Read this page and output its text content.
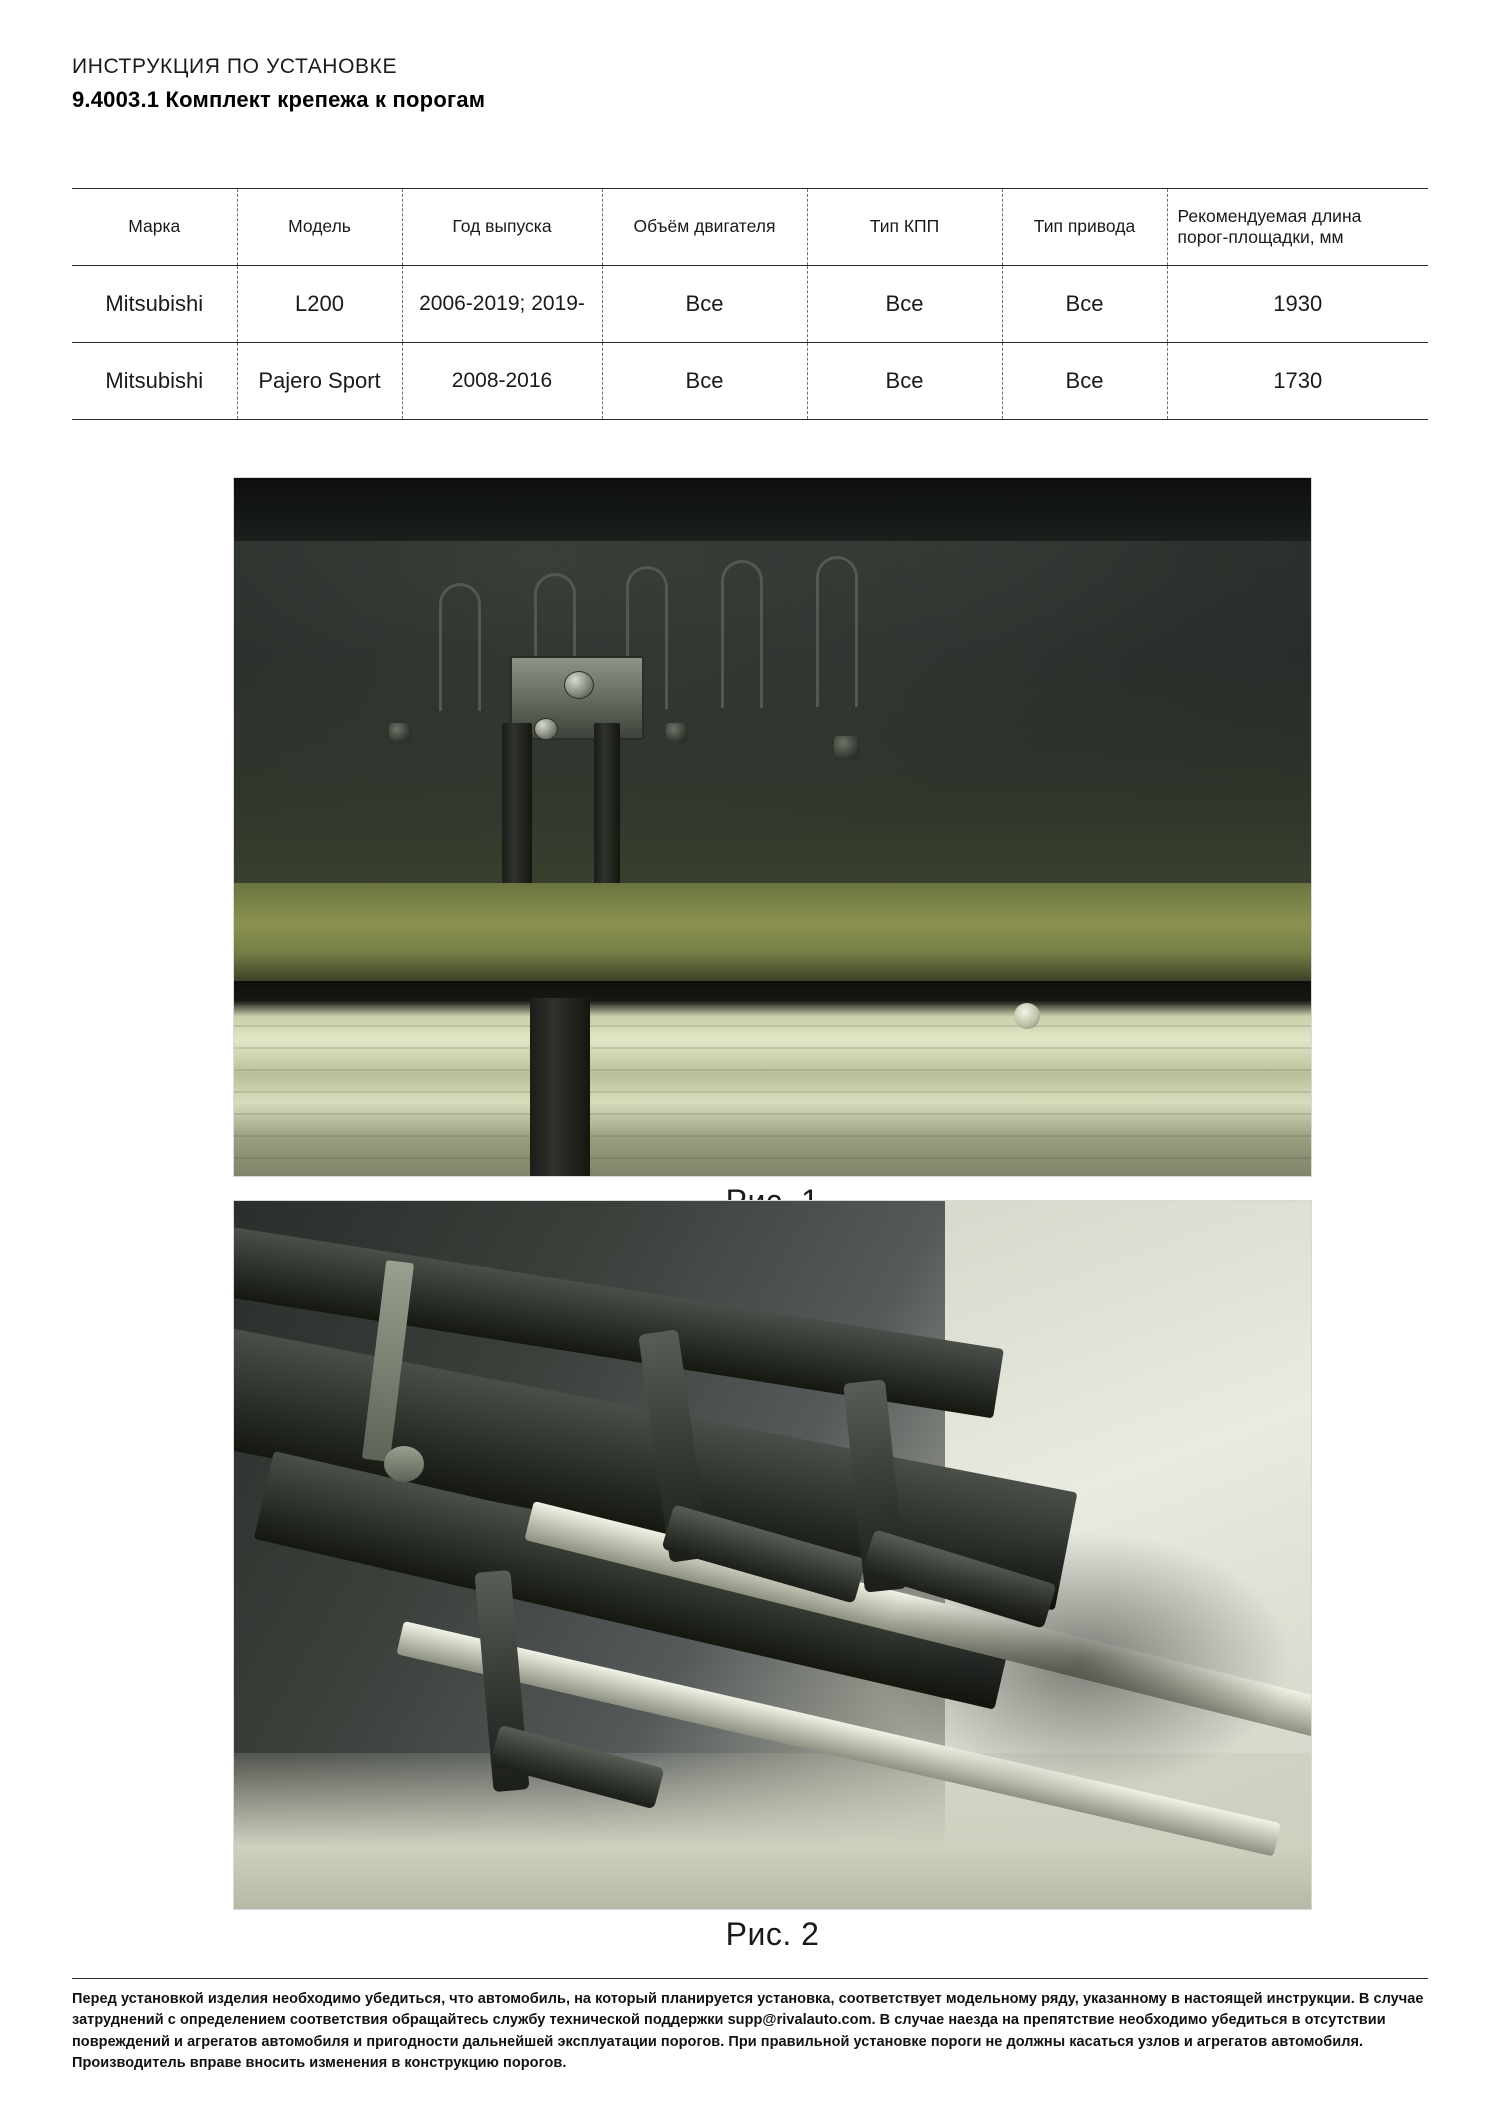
ИНСТРУКЦИЯ ПО УСТАНОВКЕ
9.4003.1 Комплект крепежа к порогам
Марка	Модель	Год выпуска	Объём двигателя	Тип КПП	Тип привода	Рекомендуемая длина
порог-площадки, мм

Mitsubishi	L200	2006-2019; 2019-	Все	Все	Все	1930
Mitsubishi	Pajero Sport	2008-2016	Все	Все	Все	1730
Рис. 2

Перед установкой изделия необходимо убедиться, что автомобиль, на который планируется установка, соответствует модельному ряду, указанному в настоящей инструкции. В случае затруднений с определением соответствия обращайтесь службу технической поддержки supp@rivalauto.com. В случае наезда на препятствие необходимо убедиться в отсутствии повреждений и агрегатов автомобиля и пригодности дальнейшей эксплуатации порогов. При правильной установке пороги не должны касаться узлов и агрегатов автомобиля. Производитель вправе вносить изменения в конструкцию порогов.
